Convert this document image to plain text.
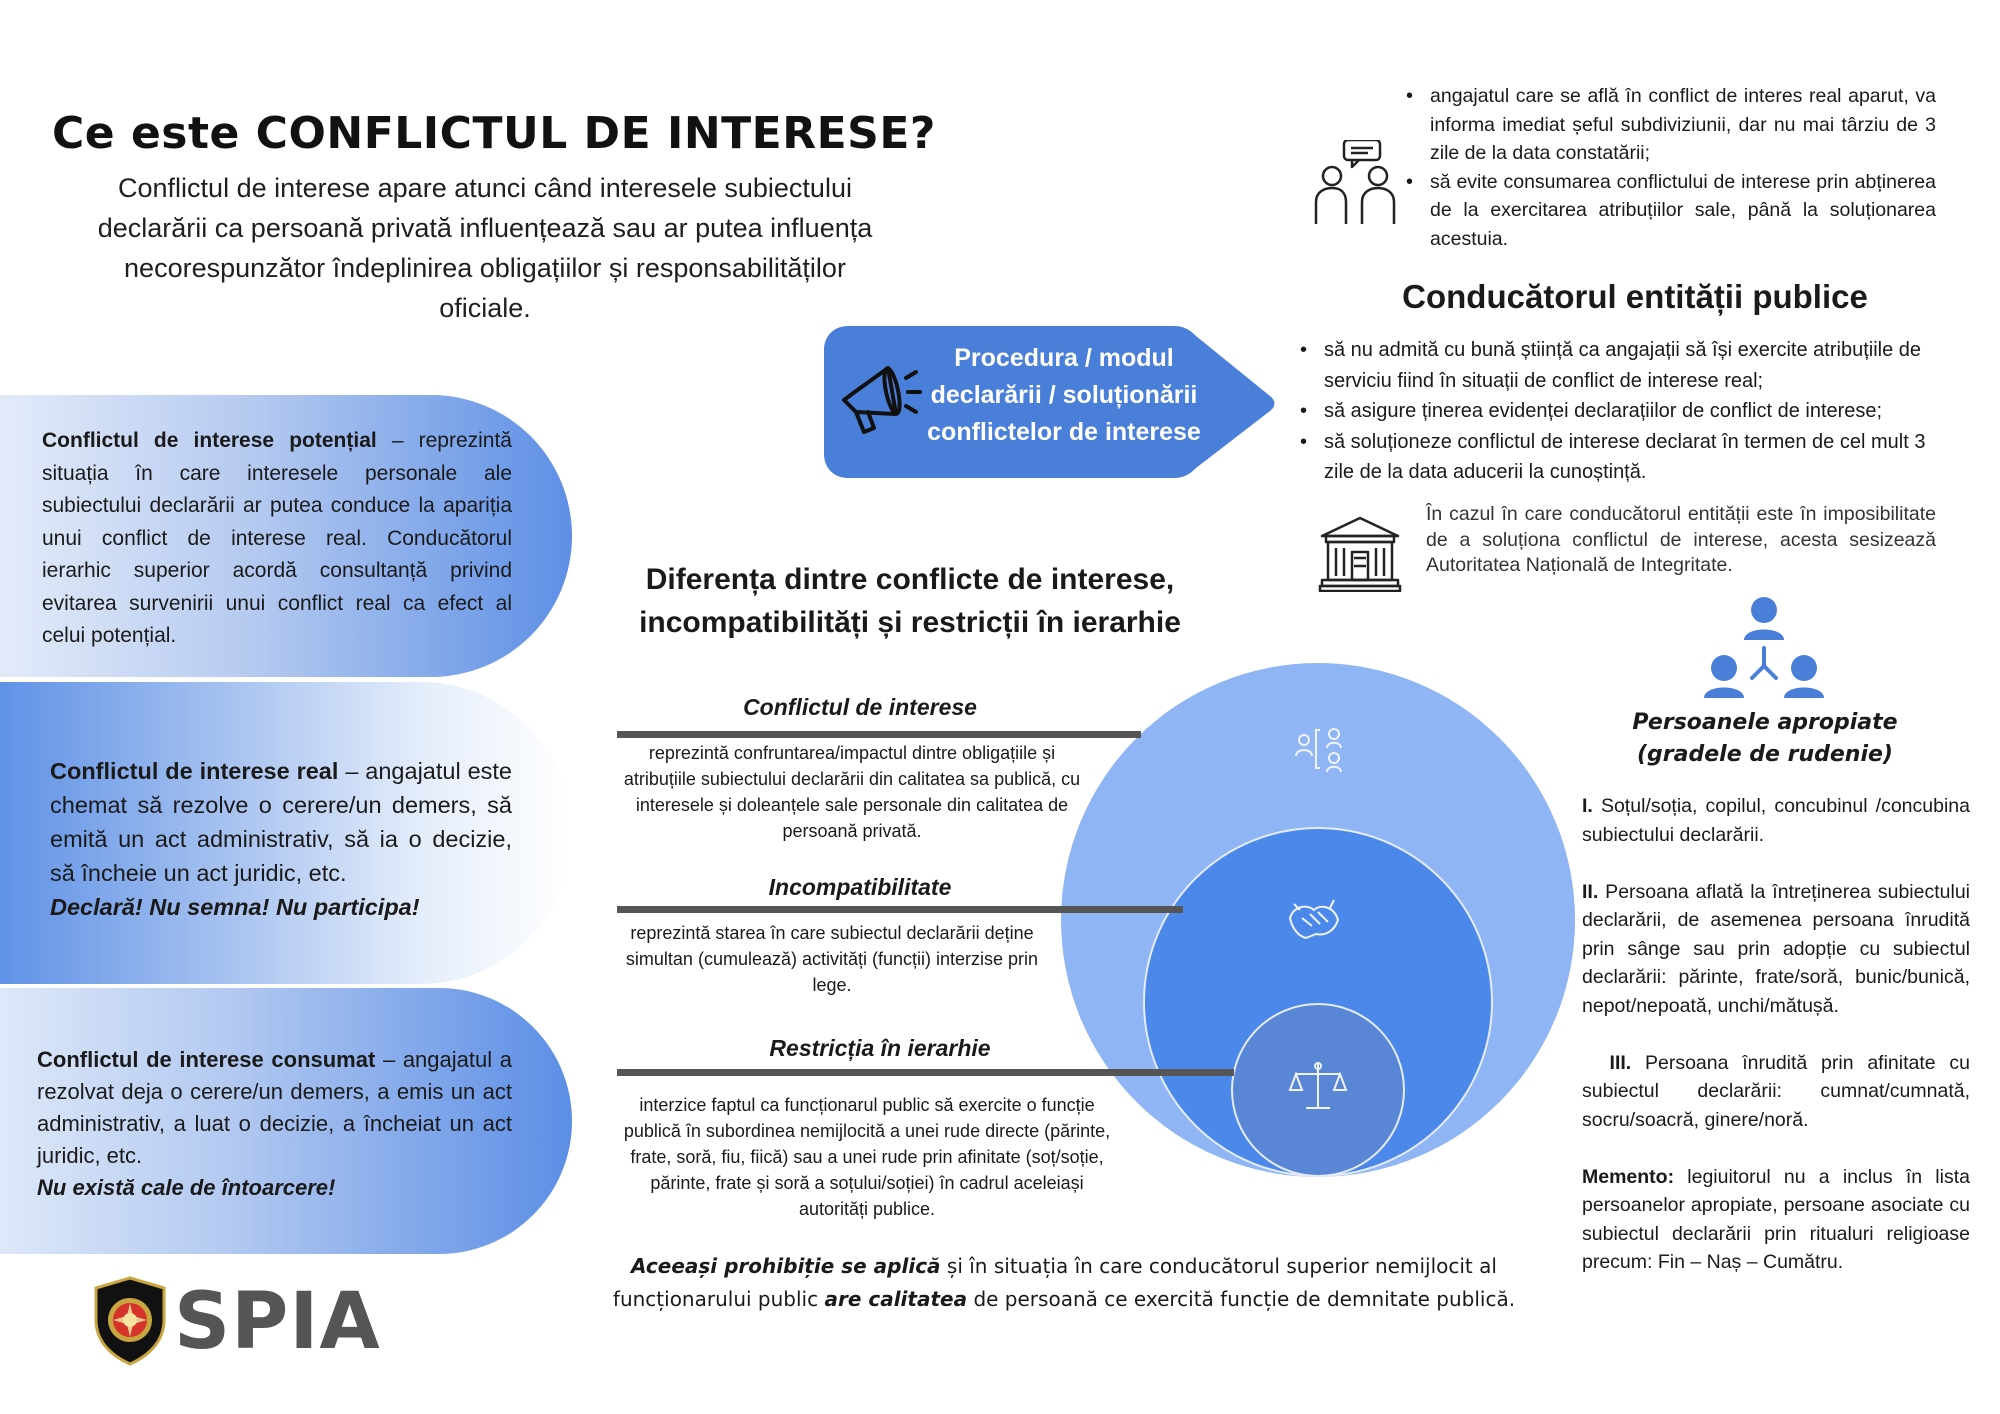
Ce este CONFLICTUL DE INTERESE?
Conflictul de interese apare atunci când interesele subiectului declarării ca persoană privată influențează sau ar putea influența necorespunzător îndeplinirea obligațiilor și responsabilităților oficiale.

Conflictul de interese potențial – reprezintă situația în care interesele personale ale subiectului declarării ar putea conduce la apariția unui conflict de interese real. Conducătorul ierarhic superior acordă consultanță privind evitarea survenirii unui conflict real ca efect al celui potențial.

Conflictul de interese real – angajatul este chemat să rezolve o cerere/un demers, să emită un act administrativ, să ia o decizie, să încheie un act juridic, etc.

Declară! Nu semna! Nu participa!

Conflictul de interese consumat – angajatul a rezolvat deja o cerere/un demers, a emis un act administrativ, a luat o decizie, a încheiat un act juridic, etc.

Nu există cale de întoarcere!

SPIA
Procedura / modul
declarării / soluționării
conflictelor de interese
• angajatul care se află în conflict de interes real aparut, va informa imediat șeful subdiviziunii, dar nu mai târziu de 3 zile de la data constatării;
• să evite consumarea conflictului de interese prin abținerea de la exercitarea atribuțiilor sale, până la soluționarea acestuia.
Conducătorul entității publice
• să nu admită cu bună știință ca angajații să își exercite atribuțiile de serviciu fiind în situații de conflict de interese real;
• să asigure ținerea evidenței declarațiilor de conflict de interese;
• să soluționeze conflictul de interese declarat în termen de cel mult 3 zile de la data aducerii la cunoștință.
În cazul în care conducătorul entității este în imposibilitate de a soluționa conflictul de interese, acesta sesizează Autoritatea Națională de Integritate.
Diferența dintre conflicte de interese,
incompatibilități și restricții în ierarhie
Conflictul de interese
reprezintă confruntarea/impactul dintre obligațiile și atribuțiile subiectului declarării din calitatea sa publică, cu interesele și doleanțele sale personale din calitatea de persoană privată.
Incompatibilitate
reprezintă starea în care subiectul declarării deține simultan (cumulează) activități (funcții) interzise prin lege.
Restricția în ierarhie
interzice faptul ca funcționarul public să exercite o funcție publică în subordinea nemijlocită a unei rude directe (părinte, frate, soră, fiu, fiică) sau a unei rude prin afinitate (soț/soție, părinte, frate și soră a soțului/soției) în cadrul aceleiași autorități publice.
Aceeași prohibiție se aplică și în situația în care conducătorul superior nemijlocit al funcționarului public are calitatea de persoană ce exercită funcție de demnitate publică.
Persoanele apropiate
(gradele de rudenie)

I. Soțul/soția, copilul, concubinul /concubina subiectului declarării.

II. Persoana aflată la întreținerea subiectului declarării, de asemenea persoana înrudită prin sânge sau prin adopție cu subiectul declarării: părinte, frate/soră, bunic/bunică, nepot/nepoată, unchi/mătușă.

III. Persoana înrudită prin afinitate cu subiectul declarării: cumnat/cumnată, socru/soacră, ginere/noră.

Memento: legiuitorul nu a inclus în lista persoanelor apropiate, persoane asociate cu subiectul declarării prin ritualuri religioase precum: Fin – Naș – Cumătru.
